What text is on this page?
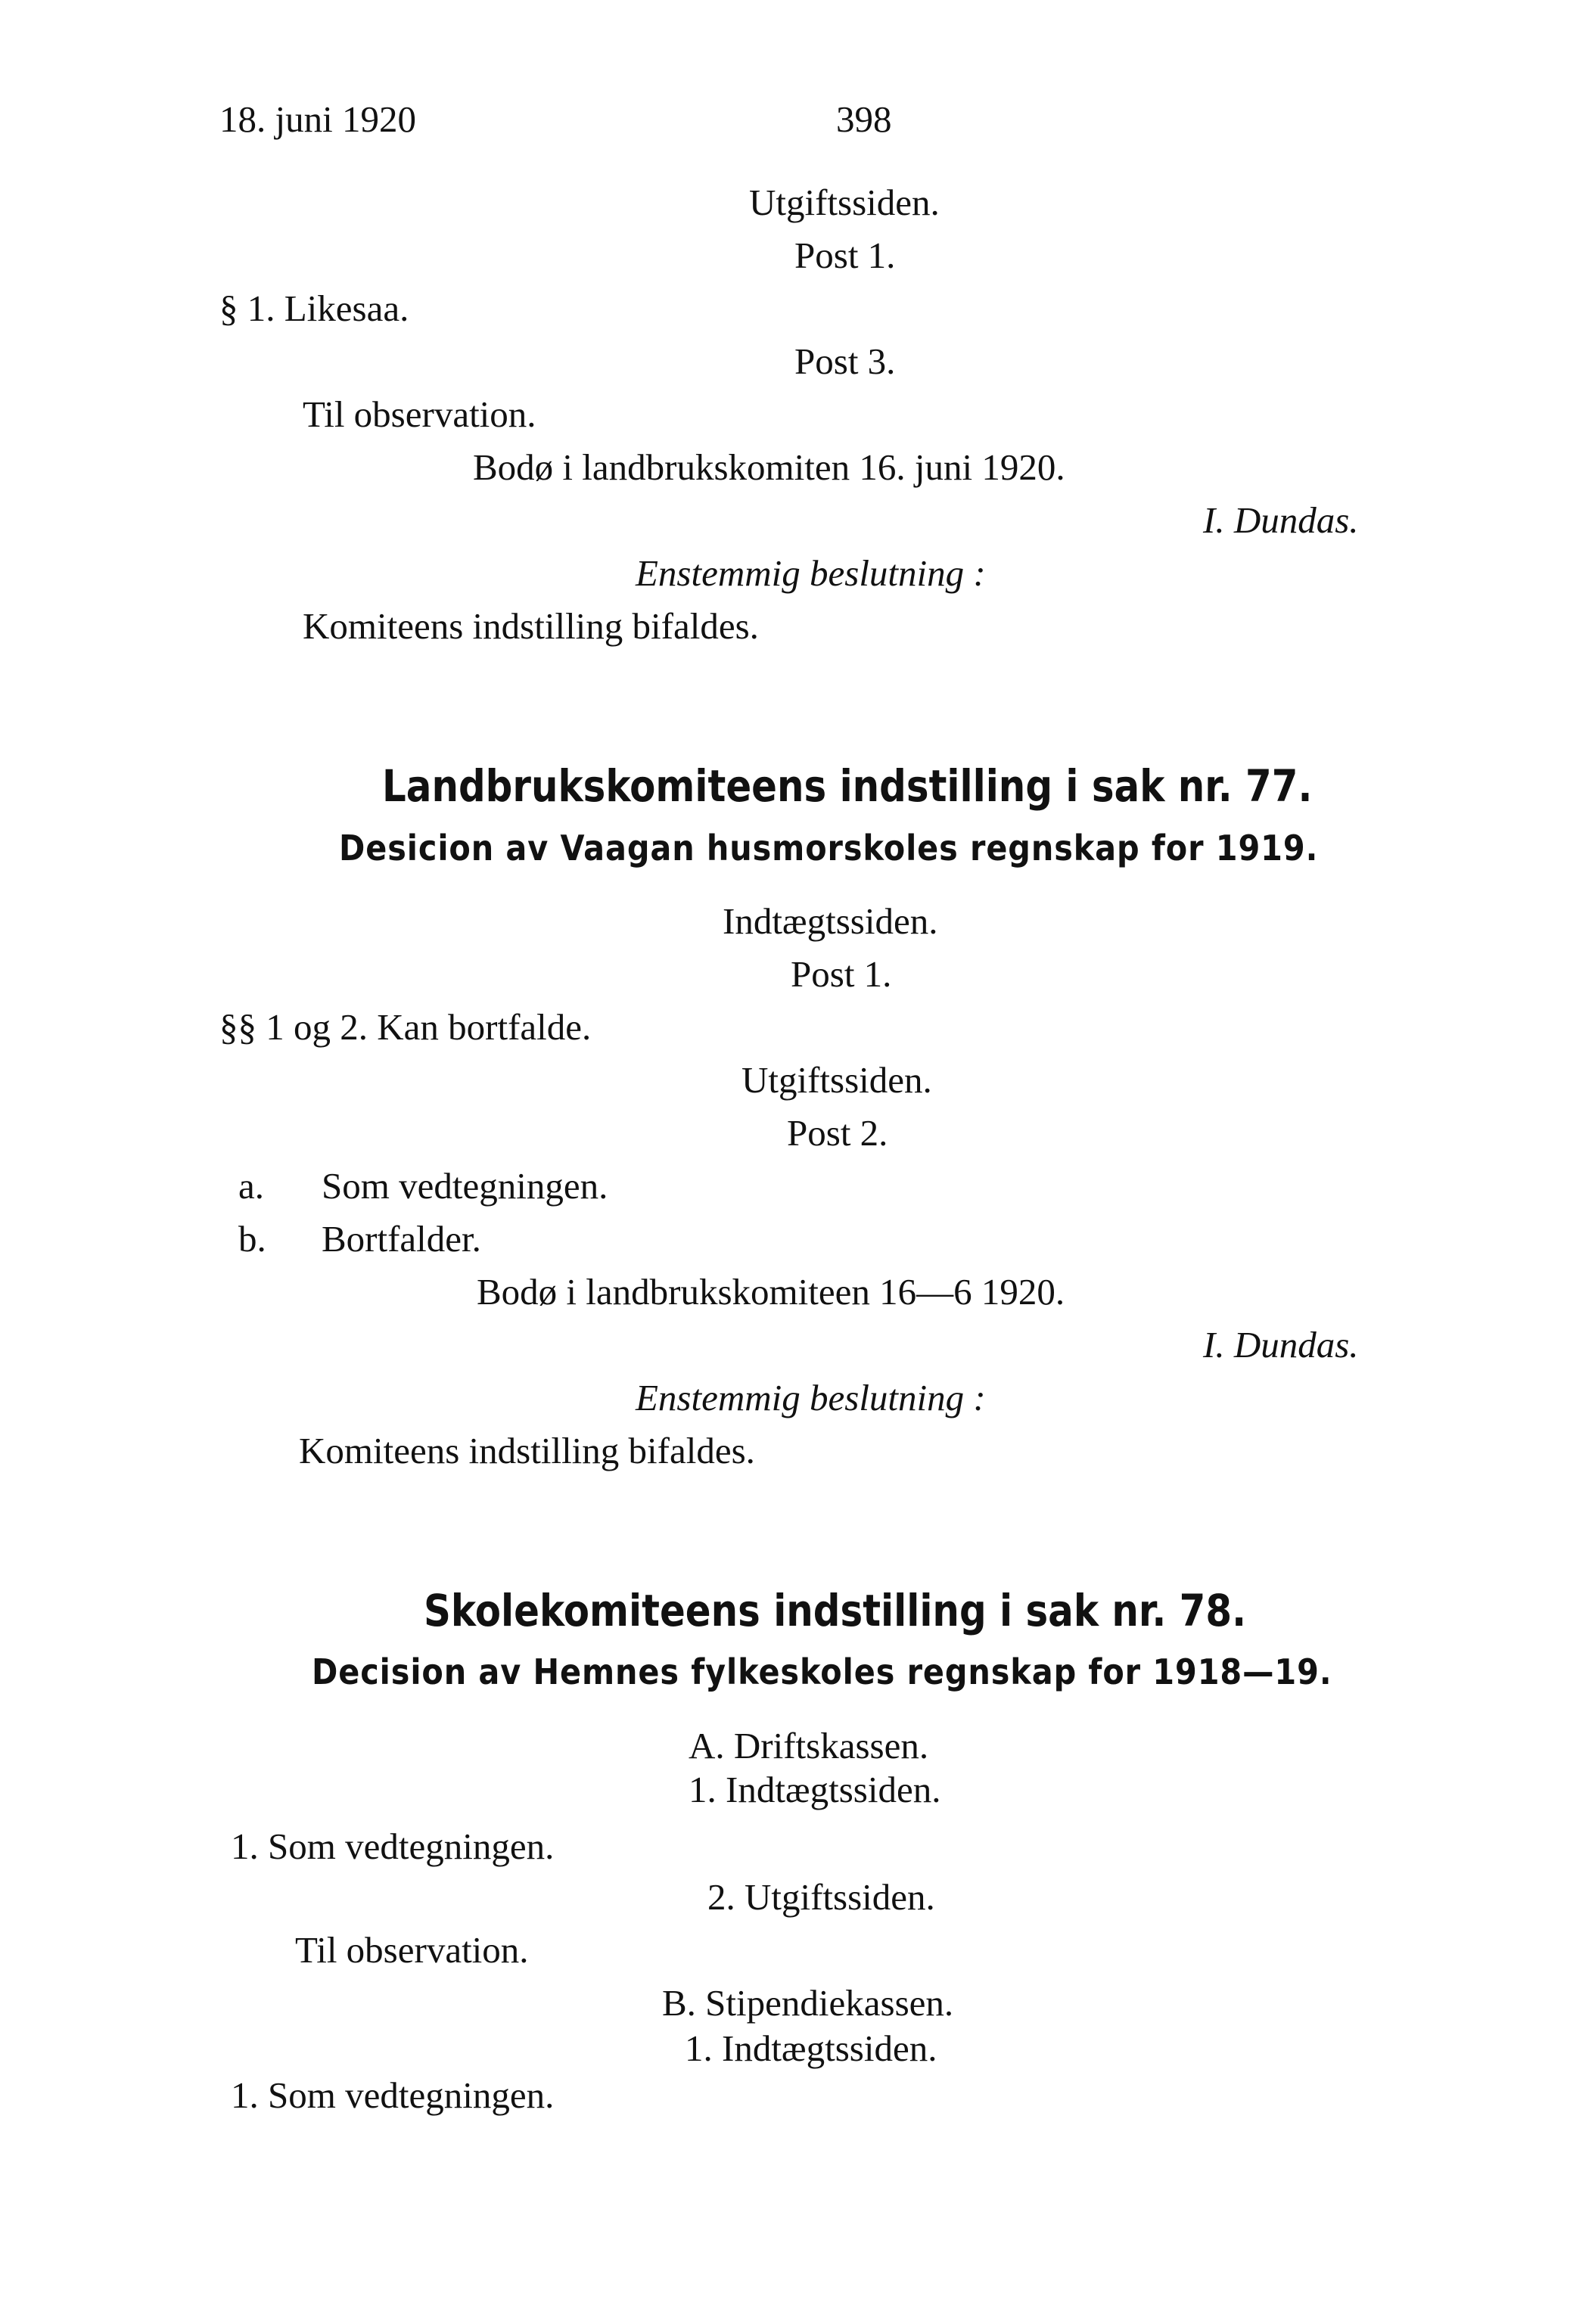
18. juni 1920	398
Utgiftssiden.
Post 1.
§ 1. Likesaa.
Post 3.
Til observation.
Bodø i landbrukskomiten 16. juni 1920.
I. Dundas.
Enstemmig beslutning :
Komiteens indstilling bifaldes.
Landbrukskomiteens indstilling i sak nr. 77.
Desicion av Vaagan husmorskoles regnskap for 1919.
Indtægtssiden.
Post 1.
§§ 1 og 2. Kan bortfalde.
Utgiftssiden.
Post 2.
a. Som vedtegningen.
b. Bortfalder.
Bodø i landbrukskomiteen 16—6 1920.
I. Dundas.
Enstemmig beslutning :
Komiteens indstilling bifaldes.
Skolekomiteens indstilling i sak nr. 78.
Decision av Hemnes fylkeskoles regnskap for 1918—19.
A. Driftskassen.
1. Indtægtssiden.
1. Som vedtegningen.
2. Utgiftssiden.
Til observation.
B. Stipendiekassen.
1. Indtægtssiden.
1. Som vedtegningen.
